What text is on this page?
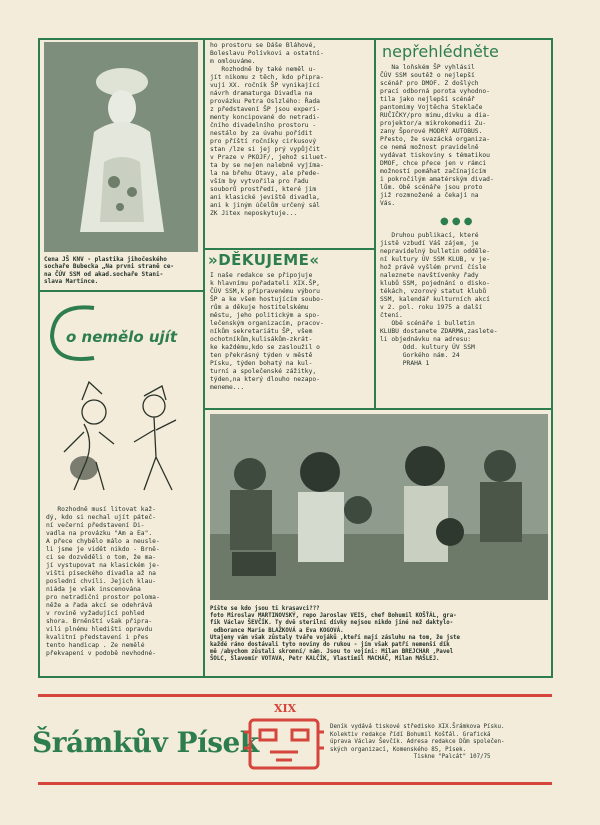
Cena JŠ KNV - plastika jihočeského
sochaře Bubecka „Na prvni straně ce-
na ČÚV SSM od akad.sochaře Stani-
slava Martince.
ho prostoru se Dáše Bláhové,
Boleslavu Polívkovi a ostatní-
m omlouváme.
Rozhodně by také neměl u-
jít nikomu z těch, kdo připra-
vují XX. ročník ŠP vynikající
návrh dramaturga Divadla na
provázku Petra Oslzlého: Řada
z představení ŠP jsou experi-
menty koncipované do netradi-
čního divadelního prostoru -
nestálo by za úvahu pořídit
pro příští ročníky cirkusový
stan /lze si jej prý vypůjčit
v Praze v PKOJF/, jehož siluet-
ta by se nejen nalebně vyjíma-
la na břehu Otavy, ale přede-
vším by vytvořila pro řadu
souborů prostředí, které jim
ani klasické jeviště divadla,
ani k jiným účelům určený sál
ZK Jitex neposkytuje...
»DĚKUJEME«
I naše redakce se připojuje
k hlavnímu pořadateli XIX.ŠP,
ČÚV SSM,k připravenému výboru
ŠP a ke všem hostujícím soubo-
rům a děkuje hostitelskému
městu, jeho politickým a spo-
lečenským organizacím, pracov-
níkům sekretariátu ŠP, všem
ochotníkům,kulisákům-zkrát-
ke každému,kdo se zasloužil o
ten překrásný týden v městě
Písku, týden bohatý na kul-
turní a společenské zážitky,
týden,na který dlouho nezapo-
meneme...
nepřehlédněte
Na loňském ŠP vyhlásil
ČÚV SSM soutěž o nejlepší
scénář pro DMOF. Z došlých
prací odborná porota vyhodno-
tila jako nejlepší scénář
pantomimy Vojtěcha Steklače
RUČIČKY/pro mimu,dívku a dia-
projektor/a mikrokomedii Zu-
zany Šporové MODRÝ AUTOBUS.
Přesto, že svazácká organiza-
ce nemá možnost pravidelně
vydávat tiskoviny s tématikou
DMOF, chce přece jen v rámci
možností pomáhat začínajícím
i pokročilým amatérským divad-
lům. Obě scénáře jsou proto
již rozmnožené a čekají na
Vás.
● ● ●
Druhou publikací, které
jistě vzbudí Váš zájem, je
nepravidelný bulletin odděle-
ní kultury ÚV SSM KLUB, v je-
hož právě vyšlém první čísle
naleznete navštívenky řady
klubů SSM, pojednání o disko-
tékách, vzorový statut klubů
SSM, kalendář kulturních akcí
v 2. pol. roku 1975 a další
čtení.
Obě scénáře i bulletin
KLUBU dostanete ZDARMA,zaslete-
li objednávku na adresu:
Odd. kultury ÚV SSM
Gorkého nám. 24
PRAHA 1
o nemělo ujít
Rozhodně musí litovat kaž-
dý, kdo si nechal ujít páteč-
ní večerní představení Di-
vadla na provázku "Am a Ea".
A přece chybělo málo a neusle-
li jsme je vidět nikdo - Brně-
ci se dozvěděli o tom, že ma-
jí vystupovat na klasickém je-
višti píseckého divadla až na
poslední chvíli. Jejich klau-
niáda je však inscenována
pro netradiční prostor poloma-
něže a řada akcí se odehrává
v rovině vyžadující pohled
shora. Brněnští však připra-
vili plnému hledišti opravdu
kvalitní představení i přes
tento handicap . Ze nemělé
překvapení v podobě nevhodné-
Píšte se kdo jsou ti krasavci???
foto Miroslav MARTINOVSKÝ, repo Jaroslav VEIS, chef Bohumil KOŠŤÁL, gra-
fik Václav ŠEVČÍK. Ty dvě sterilní dívky nejsou nikdo jiné než daktylo-
odborance Marie BLAŽKOVÁ a Eva KOGOVÁ.
Utajeny vám však zůstaly tváře vojáků ,kteří mají zásluhu na tom, že jste
každé ráno dostávali tyto noviny do rukou - jím však patří nemenší dík
mě /abychom zůstali skromní/ nám. Jsou to vojíni: Milan BREJCHAR ,Pavel
ŠOLC, Slavomír VOTAVA, Petr KALČÍK, Vlastimil MACHÁČ, Milan MAŠLEJ.
Šrámkův Písek
XIX
Deník vydává tiskové středisko XIX.Šrámkova Písku.
Kolektiv redakce řídí Bohumil Košťál. Grafická
úprava Václav Ševčík. Adresa redakce Dům společen-
ských organizací, Komenského 85, Písek.
Tiskne "Palcát" 107/75
